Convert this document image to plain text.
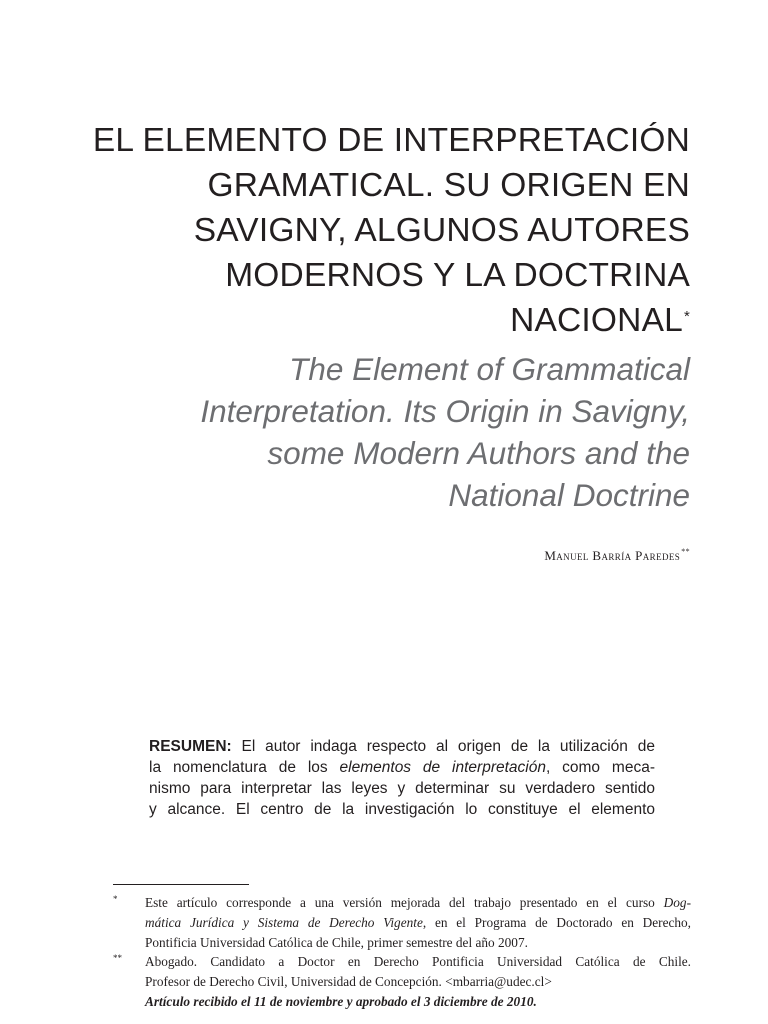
EL ELEMENTO DE INTERPRETACIÓN
GRAMATICAL. SU ORIGEN EN
SAVIGNY, ALGUNOS AUTORES
MODERNOS Y LA DOCTRINA
NACIONAL*
The Element of Grammatical
Interpretation. Its Origin in Savigny,
some Modern Authors and the
National Doctrine
Manuel Barría Paredes**
RESUMEN: El autor indaga respecto al origen de la utilización de
la nomenclatura de los elementos de interpretación, como meca-
nismo para interpretar las leyes y determinar su verdadero sentido
y alcance. El centro de la investigación lo constituye el elemento
* Este artículo corresponde a una versión mejorada del trabajo presentado en el curso Dog-
mática Jurídica y Sistema de Derecho Vigente, en el Programa de Doctorado en Derecho,
Pontificia Universidad Católica de Chile, primer semestre del año 2007.
** Abogado. Candidato a Doctor en Derecho Pontificia Universidad Católica de Chile.
Profesor de Derecho Civil, Universidad de Concepción. <mbarria@udec.cl>
Artículo recibido el 11 de noviembre y aprobado el 3 diciembre de 2010.
